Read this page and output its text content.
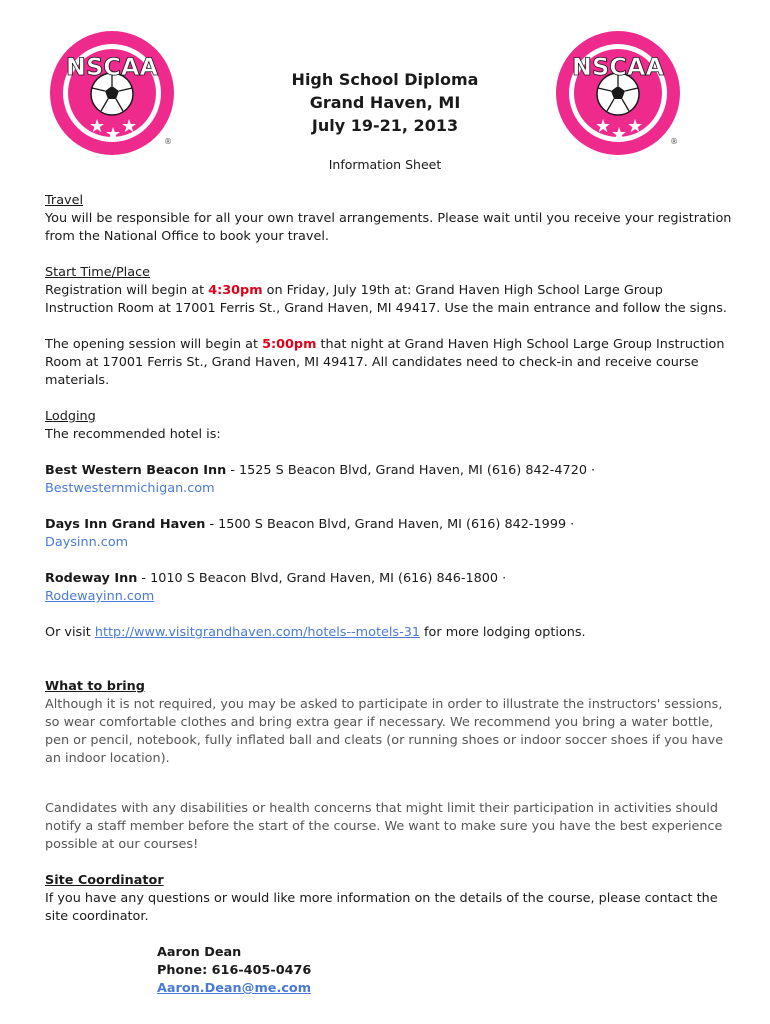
NSCAA
★ ★ ★
®
NSCAA
★ ★ ★
®
High School Diploma
Grand Haven, MI
July 19-21, 2013
Information Sheet
Travel

You will be responsible for all your own travel arrangements. Please wait until you receive your registration from the National Office to book your travel.

Start Time/Place

Registration will begin at 4:30pm on Friday, July 19th at: Grand Haven High School Large Group Instruction Room at 17001 Ferris St., Grand Haven, MI 49417. Use the main entrance and follow the signs.

The opening session will begin at 5:00pm that night at Grand Haven High School Large Group Instruction Room at 17001 Ferris St., Grand Haven, MI 49417. All candidates need to check-in and receive course materials.

Lodging

The recommended hotel is:

Best Western Beacon Inn - 1525 S Beacon Blvd, Grand Haven, MI (616) 842-4720 ·
Bestwesternmichigan.com
Days Inn Grand Haven - 1500 S Beacon Blvd, Grand Haven, MI (616) 842-1999 ·
Daysinn.com
Rodeway Inn - 1010 S Beacon Blvd, Grand Haven, MI (616) 846-1800 ·
Rodewayinn.com

Or visit http://www.visitgrandhaven.com/hotels--motels-31 for more lodging options.

What to bring

Although it is not required, you may be asked to participate in order to illustrate the instructors' sessions, so wear comfortable clothes and bring extra gear if necessary. We recommend you bring a water bottle, pen or pencil, notebook, fully inflated ball and cleats (or running shoes or indoor soccer shoes if you have an indoor location).

Candidates with any disabilities or health concerns that might limit their participation in activities should notify a staff member before the start of the course. We want to make sure you have the best experience possible at our courses!

Site Coordinator

If you have any questions or would like more information on the details of the course, please contact the site coordinator.

Aaron Dean
Phone: 616-405-0476
Aaron.Dean@me.com
